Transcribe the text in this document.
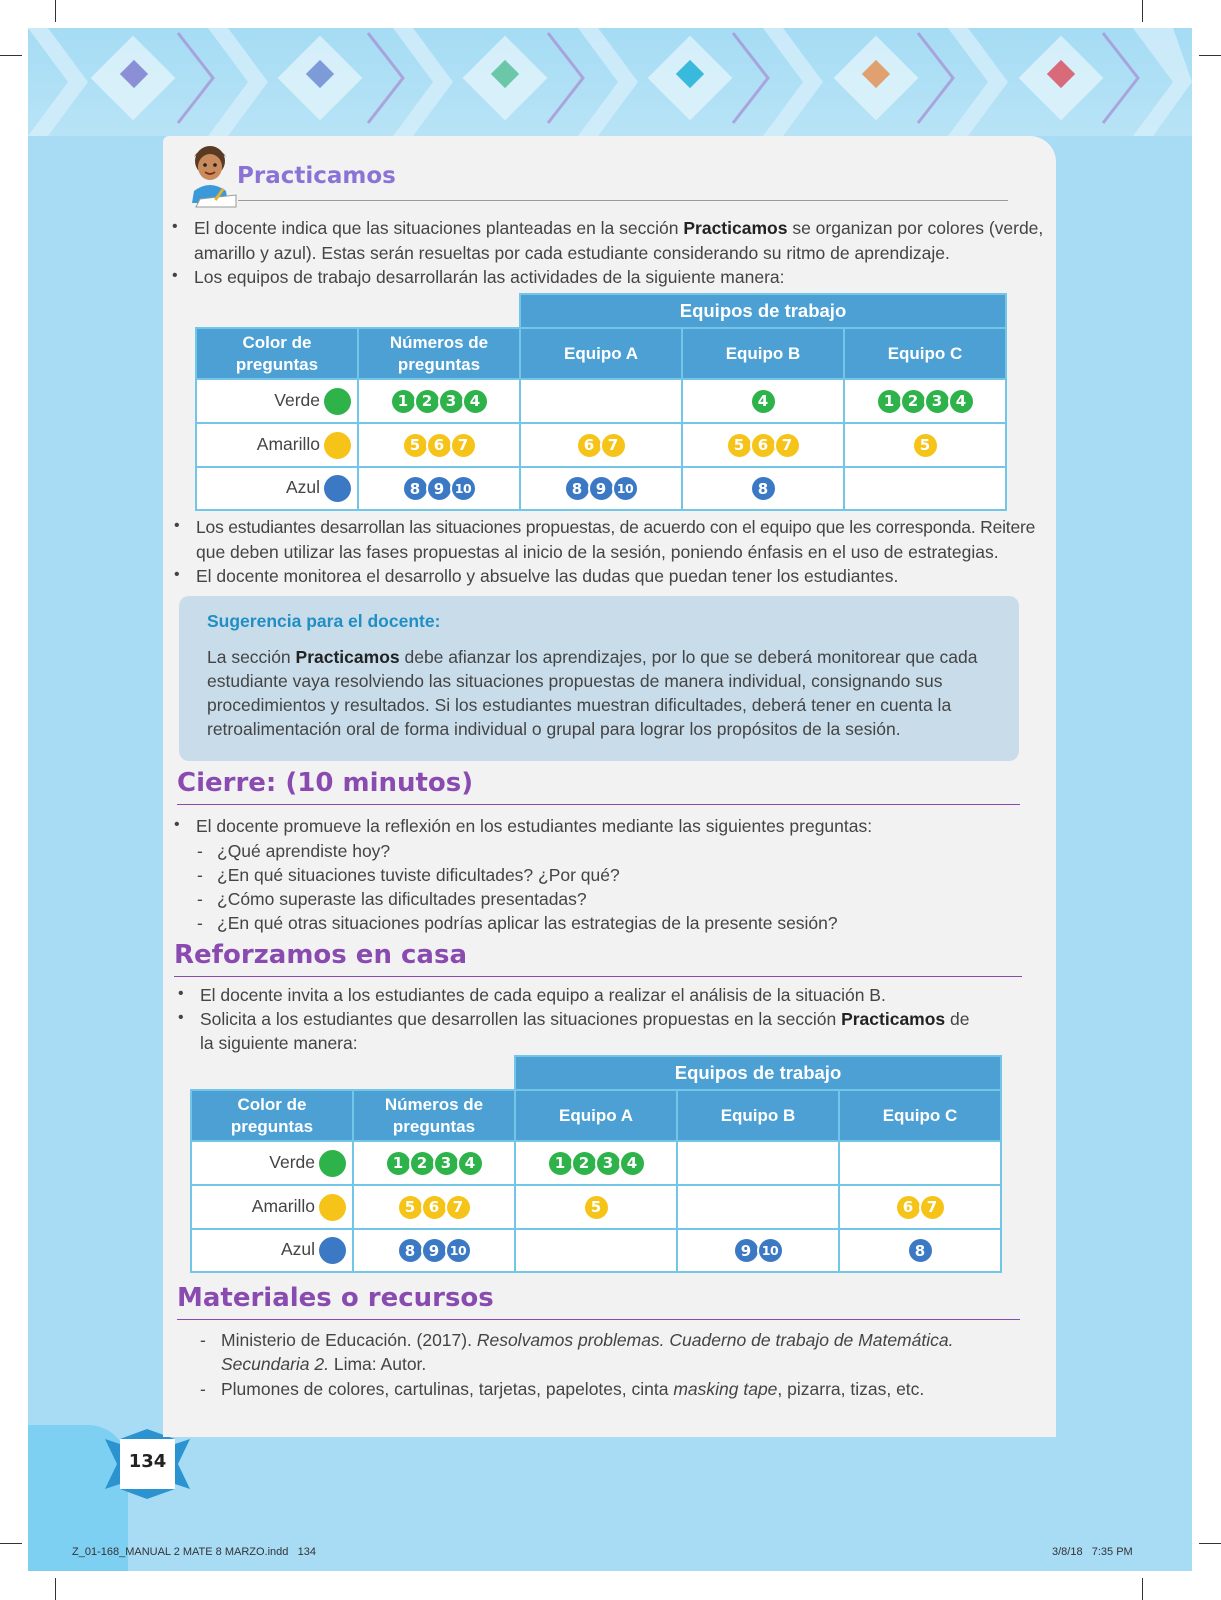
134
Practicamos
• El docente indica que las situaciones planteadas en la sección Practicamos se organizan por colores (verde,
amarillo y azul). Estas serán resueltas por cada estudiante considerando su ritmo de aprendizaje.
• Los equipos de trabajo desarrollarán las actividades de la siguiente manera:
		Equipos de trabajo		
Color de preguntas	Números de preguntas	Equipo A	Equipo B	Equipo C
Verde	1 2 3 4		4	1 2 3 4

Amarillo	5 6 7	6 7	5 6 7	5

Azul	8 9 10	8 9 10	8	

• Los estudiantes desarrollan las situaciones propuestas, de acuerdo con el equipo que les corresponda. Reitere
que deben utilizar las fases propuestas al inicio de la sesión, poniendo énfasis en el uso de estrategias.
• El docente monitorea el desarrollo y absuelve las dudas que puedan tener los estudiantes.
Sugerencia para el docente:
La sección Practicamos debe afianzar los aprendizajes, por lo que se deberá monitorear que cada
estudiante vaya resolviendo las situaciones propuestas de manera individual, consignando sus
procedimientos y resultados. Si los estudiantes muestran dificultades, deberá tener en cuenta la
retroalimentación oral de forma individual o grupal para lograr los propósitos de la sesión.
Cierre: (10 minutos)
• El docente promueve la reflexión en los estudiantes mediante las siguientes preguntas:
- ¿Qué aprendiste hoy?
- ¿En qué situaciones tuviste dificultades? ¿Por qué?
- ¿Cómo superaste las dificultades presentadas?
- ¿En qué otras situaciones podrías aplicar las estrategias de la presente sesión?
Reforzamos en casa
• El docente invita a los estudiantes de cada equipo a realizar el análisis de la situación B.
• Solicita a los estudiantes que desarrollen las situaciones propuestas en la sección Practicamos de
la siguiente manera:
		Equipos de trabajo		
Color de preguntas	Números de preguntas	Equipo A	Equipo B	Equipo C
Verde	1 2 3 4	1 2 3 4		

Amarillo	5 6 7	5		6 7

Azul	8 9 10		9 10	8
Materiales o recursos
- Ministerio de Educación. (2017). Resolvamos problemas. Cuaderno de trabajo de Matemática.
Secundaria 2. Lima: Autor.
- Plumones de colores, cartulinas, tarjetas, papelotes, cinta masking tape, pizarra, tizas, etc.
Z_01-168_MANUAL 2 MATE 8 MARZO.indd   134	3/8/18   7:35 PM
